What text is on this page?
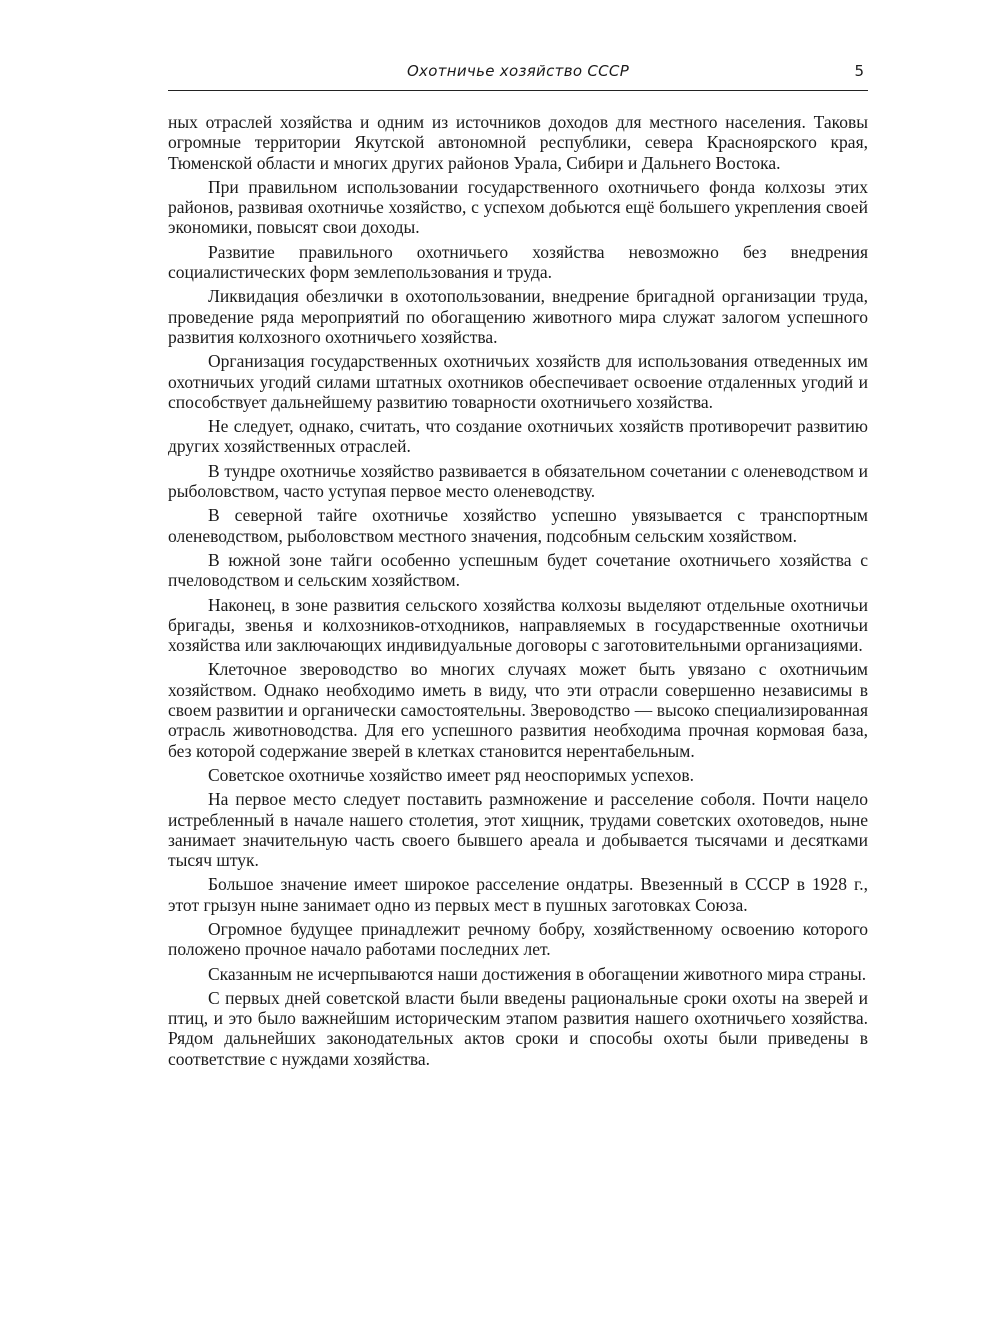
Охотничье хозяйство СССР	5

ных отраслей хозяйства и одним из источников доходов для местного населения. Таковы огромные территории Якутской автономной республики, севера Красноярского края, Тюменской области и многих других районов Урала, Сибири и Дальнего Востока.

При правильном использовании государственного охотничьего фонда колхозы этих районов, развивая охотничье хозяйство, с успехом добьются ещё большего укрепления своей экономики, повысят свои доходы.

Развитие правильного охотничьего хозяйства невозможно без внедрения социалистических форм землепользования и труда.

Ликвидация обезлички в охотопользовании, внедрение бригадной организации труда, проведение ряда мероприятий по обогащению животного мира служат залогом успешного развития колхозного охотничьего хозяйства.

Организация государственных охотничьих хозяйств для использования отведенных им охотничьих угодий силами штатных охотников обеспечивает освоение отдаленных угодий и способствует дальнейшему развитию товарности охотничьего хозяйства.

Не следует, однако, считать, что создание охотничьих хозяйств противоречит развитию других хозяйственных отраслей.

В тундре охотничье хозяйство развивается в обязательном сочетании с оленеводством и рыболовством, часто уступая первое место оленеводству.

В северной тайге охотничье хозяйство успешно увязывается с транспортным оленеводством, рыболовством местного значения, подсобным сельским хозяйством.

В южной зоне тайги особенно успешным будет сочетание охотничьего хозяйства с пчеловодством и сельским хозяйством.

Наконец, в зоне развития сельского хозяйства колхозы выделяют отдельные охотничьи бригады, звенья и колхозников-отходников, направляемых в государственные охотничьи хозяйства или заключающих индивидуальные договоры с заготовительными организациями.

Клеточное звероводство во многих случаях может быть увязано с охотничьим хозяйством. Однако необходимо иметь в виду, что эти отрасли совершенно независимы в своем развитии и органически самостоятельны. Звероводство — высоко специализированная отрасль животноводства. Для его успешного развития необходима прочная кормовая база, без которой содержание зверей в клетках становится нерентабельным.

Советское охотничье хозяйство имеет ряд неоспоримых успехов.

На первое место следует поставить размножение и расселение соболя. Почти нацело истребленный в начале нашего столетия, этот хищник, трудами советских охотоведов, ныне занимает значительную часть своего бывшего ареала и добывается тысячами и десятками тысяч штук.

Большое значение имеет широкое расселение ондатры. Ввезенный в СССР в 1928 г., этот грызун ныне занимает одно из первых мест в пушных заготовках Союза.

Огромное будущее принадлежит речному бобру, хозяйственному освоению которого положено прочное начало работами последних лет.

Сказанным не исчерпываются наши достижения в обогащении животного мира страны.

С первых дней советской власти были введены рациональные сроки охоты на зверей и птиц, и это было важнейшим историческим этапом развития нашего охотничьего хозяйства. Рядом дальнейших законодательных актов сроки и способы охоты были приведены в соответствие с нуждами хозяйства.
